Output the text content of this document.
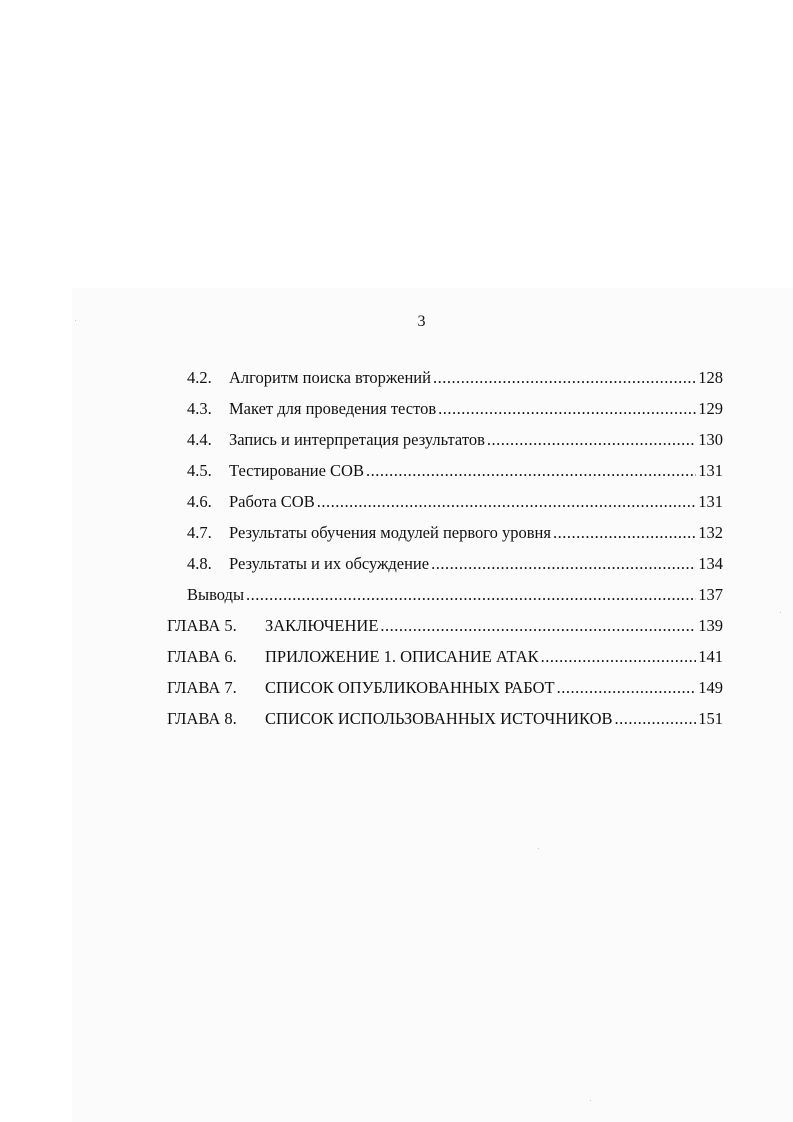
3
4.2.	Алгоритм поиска вторжений .....	128
4.3.	Макет для проведения тестов .....	129
4.4.	Запись и интерпретация результатов .....	130
4.5.	Тестирование СОВ .....	131
4.6.	Работа СОВ .....	131
4.7.	Результаты обучения модулей первого уровня .....	132
4.8.	Результаты и их обсуждение .....	134
Выводы .....	137
ГЛАВА 5.	ЗАКЛЮЧЕНИЕ .....	139
ГЛАВА 6.	ПРИЛОЖЕНИЕ 1. ОПИСАНИЕ АТАК .....	141
ГЛАВА 7.	СПИСОК ОПУБЛИКОВАННЫХ РАБОТ .....	149
ГЛАВА 8.	СПИСОК ИСПОЛЬЗОВАННЫХ ИСТОЧНИКОВ .....	151
